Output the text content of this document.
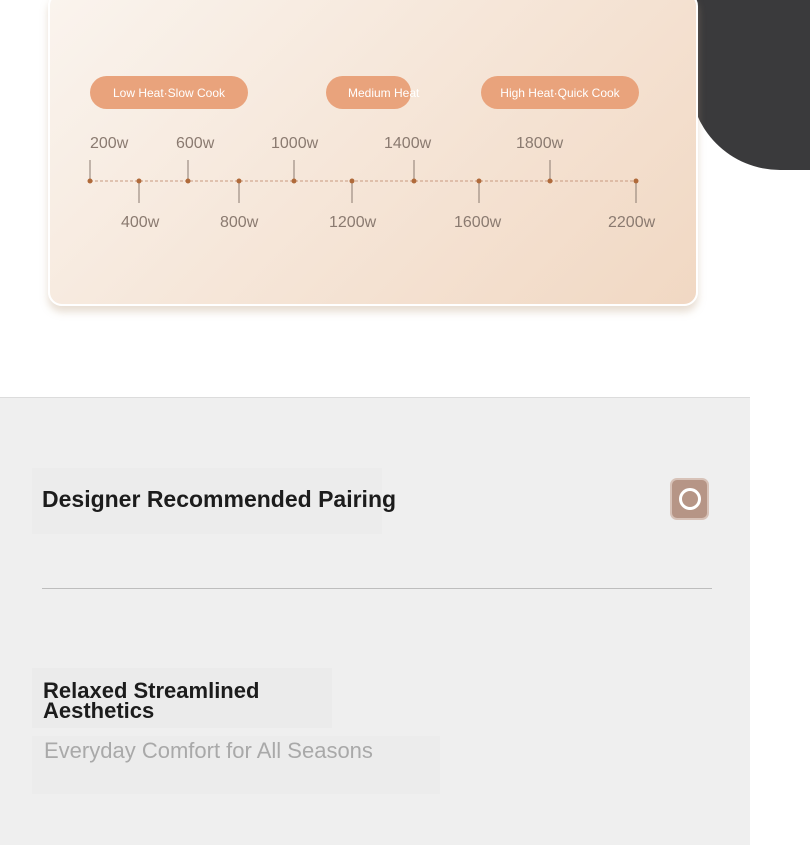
Low Heat·Slow Cook	Medium Heat	High Heat·Quick Cook
200w
400w
600w
800w
1000w
1200w
1400w
1600w
1800w
2200w
Designer Recommended Pairing
Relaxed Streamlined Aesthetics

Everyday Comfort for All Seasons
